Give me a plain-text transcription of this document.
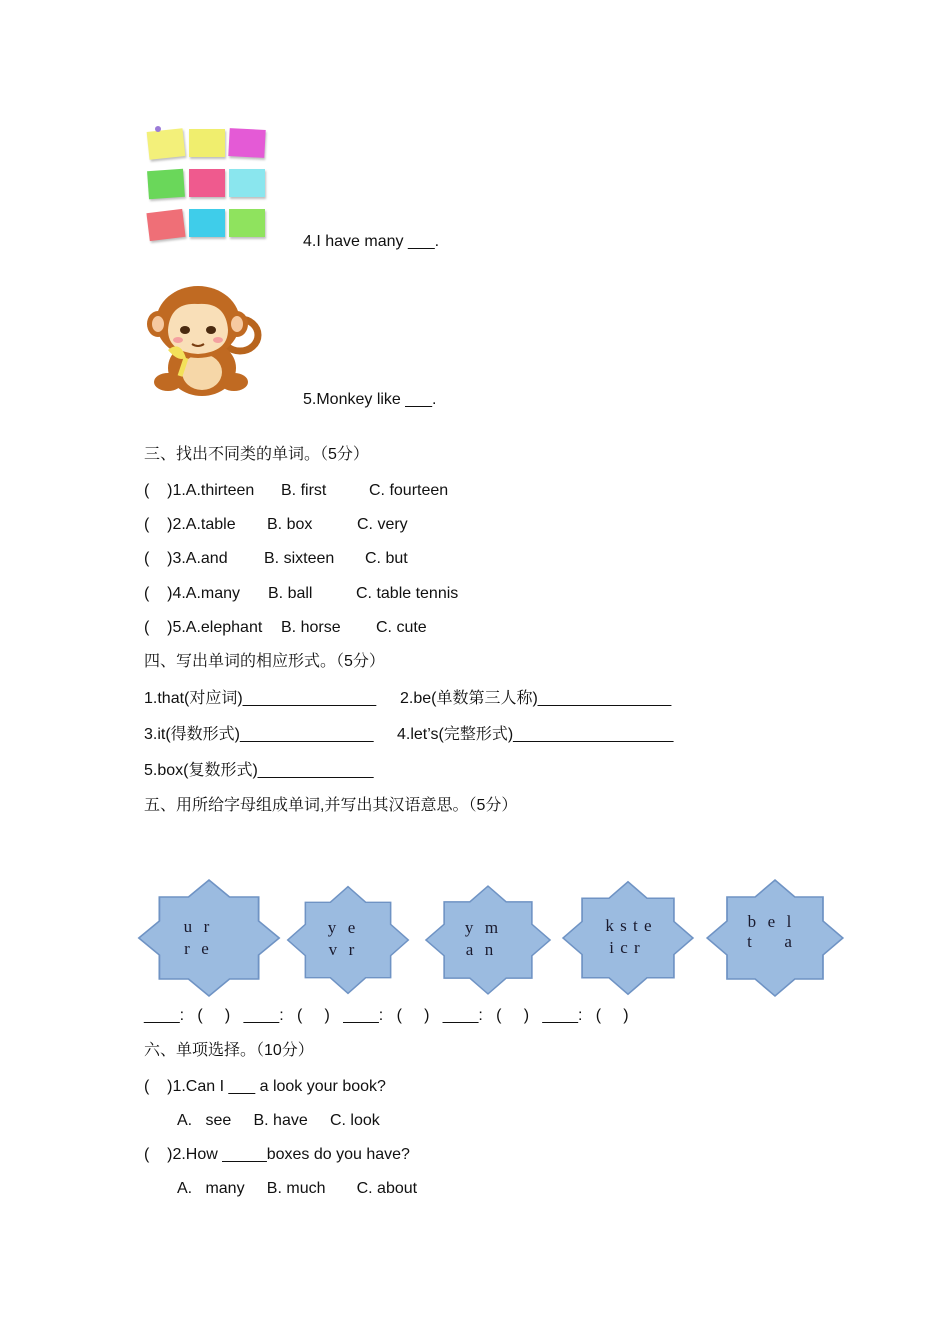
4.I have many ___.
5.Monkey like ___.
三、找出不同类的单词。（5分）
(    )1.A.thirteen B. first	C. fourteen
(    )2.A.table B. box	C. very
(    )3.A.and B. sixteen C. but
(    )4.A.many B. ball	C. table tennis
(    )5.A.elephant B. horse C. cute
四、写出单词的相应形式。（5分）
1.that(对应词)_______________ 2.be(单数第三人称)_______________
3.it(得数形式)_______________ 4.let’s(完整形式)__________________
5.box(复数形式)_____________
五、用所给字母组成单词,并写出其汉语意思。（5分）
u  r
r  e
y  e
v  r
y  m
a  n
k s t e
i c r
b  e  l
t      a
____:   (     )   ____:   (     )   ____:   (     )   ____:   (     )   ____:   (     )
六、单项选择。（10分）
(    )1.Can I ___ a look your book?
A.   see     B. have     C. look
(    )2.How _____boxes do you have?
A.   many     B. much       C. about
